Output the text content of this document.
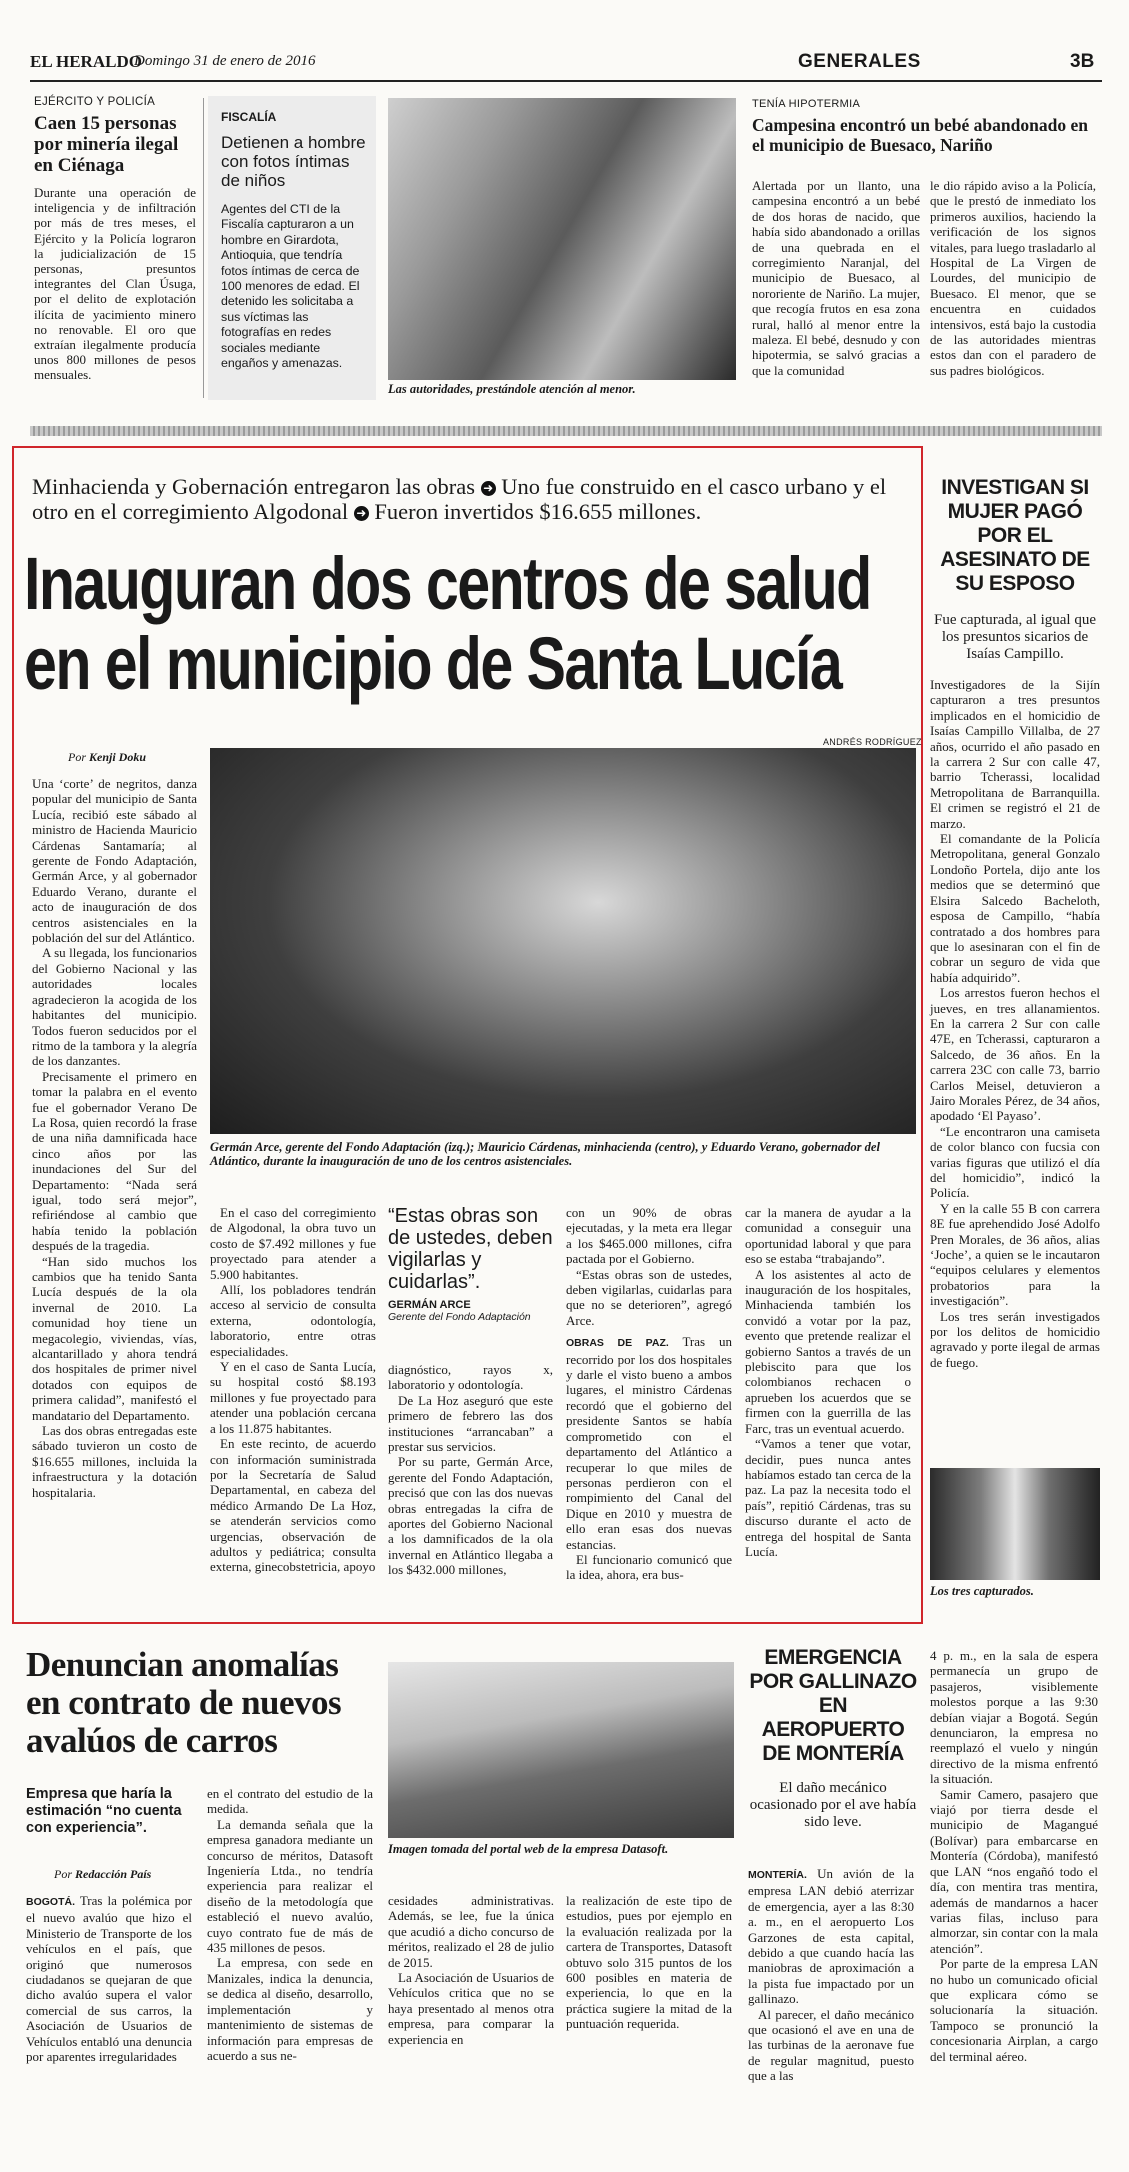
EL HERALDO
Domingo 31 de enero de 2016	GENERALES	3B
EJÉRCITO Y POLICÍA
Caen 15 personas por minería ilegal en Ciénaga

Durante una operación de inteligencia y de infiltración por más de tres meses, el Ejército y la Policía lograron la judicialización de 15 personas, presuntos integrantes del Clan Úsuga, por el delito de explotación ilícita de yacimiento minero no renovable. El oro que extraían ilegalmente producía unos 800 millones de pesos mensuales.

FISCALÍA
Detienen a hombre con fotos íntimas de niños

Agentes del CTI de la Fiscalía capturaron a un hombre en Girardota, Antioquia, que tendría fotos íntimas de cerca de 100 menores de edad. El detenido les solicitaba a sus víctimas las fotografías en redes sociales mediante engaños y amenazas.

Las autoridades, prestándole atención al menor.
TENÍA HIPOTERMIA
Campesina encontró un bebé abandonado en el municipio de Buesaco, Nariño

Alertada por un llanto, una campesina encontró a un bebé de dos horas de nacido, que había sido abandonado a orillas de una quebrada en el corregimiento Naranjal, del municipio de Buesaco, al nororiente de Nariño. La mujer, que recogía frutos en esa zona rural, halló al menor entre la maleza. El bebé, desnudo y con hipotermia, se salvó gracias a que la comunidad

le dio rápido aviso a la Policía, que le prestó de inmediato los primeros auxilios, haciendo la verificación de los signos vitales, para luego trasladarlo al Hospital de La Virgen de Lourdes, del municipio de Buesaco. El menor, que se encuentra en cuidados intensivos, está bajo la custodia de las autoridades mientras estos dan con el paradero de sus padres biológicos.

Minhacienda y Gobernación entregaron las obras ➜ Uno fue construido en el casco urbano y el otro en el corregimiento Algodonal ➜ Fueron invertidos $16.655 millones.
Inauguran dos centros de salud
en el municipio de Santa Lucía
ANDRÉS RODRÍGUEZ
Por Kenji Doku
Germán Arce, gerente del Fondo Adaptación (izq.); Mauricio Cárdenas, minhacienda (centro), y Eduardo Verano, gobernador del Atlántico, durante la inauguración de uno de los centros asistenciales.

Una ‘corte’ de negritos, danza popular del municipio de Santa Lucía, recibió este sábado al ministro de Hacienda Mauricio Cárdenas Santamaría; al gerente de Fondo Adaptación, Germán Arce, y al gobernador Eduardo Verano, durante el acto de inauguración de dos centros asistenciales en la población del sur del Atlántico.

A su llegada, los funcionarios del Gobierno Nacional y las autoridades locales agradecieron la acogida de los habitantes del municipio. Todos fueron seducidos por el ritmo de la tambora y la alegría de los danzantes.

Precisamente el primero en tomar la palabra en el evento fue el gobernador Verano De La Rosa, quien recordó la frase de una niña damnificada hace cinco años por las inundaciones del Sur del Departamento: “Nada será igual, todo será mejor”, refiriéndose al cambio que había tenido la población después de la tragedia.

“Han sido muchos los cambios que ha tenido Santa Lucía después de la ola invernal de 2010. La comunidad hoy tiene un megacolegio, viviendas, vías, alcantarillado y ahora tendrá dos hospitales de primer nivel dotados con equipos de primera calidad”, manifestó el mandatario del Departamento.

Las dos obras entregadas este sábado tuvieron un costo de $16.655 millones, incluida la infraestructura y la dotación hospitalaria.

En el caso del corregimiento de Algodonal, la obra tuvo un costo de $7.492 millones y fue proyectado para atender a 5.900 habitantes.

Allí, los pobladores tendrán acceso al servicio de consulta externa, odontología, laboratorio, entre otras especialidades.

Y en el caso de Santa Lucía, su hospital costó $8.193 millones y fue proyectado para atender una población cercana a los 11.875 habitantes.

En este recinto, de acuerdo con información suministrada por la Secretaría de Salud Departamental, en cabeza del médico Armando De La Hoz, se atenderán servicios como urgencias, observación de adultos y pediátrica; consulta externa, ginecobstetricia, apoyo

“Estas obras son de ustedes, deben vigilarlas y cuidarlas”.
GERMÁN ARCE
Gerente del Fondo Adaptación

diagnóstico, rayos x, laboratorio y odontología.

De La Hoz aseguró que este primero de febrero las dos instituciones “arrancaban” a prestar sus servicios.

Por su parte, Germán Arce, gerente del Fondo Adaptación, precisó que con las dos nuevas obras entregadas la cifra de aportes del Gobierno Nacional a los damnificados de la ola invernal en Atlántico llegaba a los $432.000 millones,

con un 90% de obras ejecutadas, y la meta era llegar a los $465.000 millones, cifra pactada por el Gobierno.

“Estas obras son de ustedes, deben vigilarlas, cuidarlas para que no se deterioren”, agregó Arce.

OBRAS DE PAZ. Tras un recorrido por los dos hospitales y darle el visto bueno a ambos lugares, el ministro Cárdenas recordó que el gobierno del presidente Santos se había comprometido con el departamento del Atlántico a recuperar lo que miles de personas perdieron con el rompimiento del Canal del Dique en 2010 y muestra de ello eran esas dos nuevas estancias.

El funcionario comunicó que la idea, ahora, era bus-

car la manera de ayudar a la comunidad a conseguir una oportunidad laboral y que para eso se estaba “trabajando”.

A los asistentes al acto de inauguración de los hospitales, Minhacienda también los convidó a votar por la paz, evento que pretende realizar el gobierno Santos a través de un plebiscito para que los colombianos rechacen o aprueben los acuerdos que se firmen con la guerrilla de las Farc, tras un eventual acuerdo.

“Vamos a tener que votar, decidir, pues nunca antes habíamos estado tan cerca de la paz. La paz la necesita todo el país”, repitió Cárdenas, tras su discurso durante el acto de entrega del hospital de Santa Lucía.

INVESTIGAN SI MUJER PAGÓ POR EL ASESINATO DE SU ESPOSO
Fue capturada, al igual que los presuntos sicarios de Isaías Campillo.

Investigadores de la Sijín capturaron a tres presuntos implicados en el homicidio de Isaías Campillo Villalba, de 27 años, ocurrido el año pasado en la carrera 2 Sur con calle 47, barrio Tcherassi, localidad Metropolitana de Barranquilla. El crimen se registró el 21 de marzo.

El comandante de la Policía Metropolitana, general Gonzalo Londoño Portela, dijo ante los medios que se determinó que Elsira Salcedo Bacheloth, esposa de Campillo, “había contratado a dos hombres para que lo asesinaran con el fin de cobrar un seguro de vida que había adquirido”.

Los arrestos fueron hechos el jueves, en tres allanamientos. En la carrera 2 Sur con calle 47E, en Tcherassi, capturaron a Salcedo, de 36 años. En la carrera 23C con calle 73, barrio Carlos Meisel, detuvieron a Jairo Morales Pérez, de 34 años, apodado ‘El Payaso’.

“Le encontraron una camiseta de color blanco con fucsia con varias figuras que utilizó el día del homicidio”, indicó la Policía.

Y en la calle 55 B con carrera 8E fue aprehendido José Adolfo Pren Morales, de 36 años, alias ‘Joche’, a quien se le incautaron “equipos celulares y elementos probatorios para la investigación”.

Los tres serán investigados por los delitos de homicidio agravado y porte ilegal de armas de fuego.

Los tres capturados.
Denuncian anomalías en contrato de nuevos avalúos de carros
Empresa que haría la estimación “no cuenta con experiencia”.
Por Redacción País
Imagen tomada del portal web de la empresa Datasoft.

BOGOTÁ. Tras la polémica por el nuevo avalúo que hizo el Ministerio de Transporte de los vehículos en el país, que originó que numerosos ciudadanos se quejaran de que dicho avalúo supera el valor comercial de sus carros, la Asociación de Usuarios de Vehículos entabló una denuncia por aparentes irregularidades

en el contrato del estudio de la medida.

La demanda señala que la empresa ganadora mediante un concurso de méritos, Datasoft Ingeniería Ltda., no tendría experiencia para realizar el diseño de la metodología que estableció el nuevo avalúo, cuyo contrato fue de más de 435 millones de pesos.

La empresa, con sede en Manizales, indica la denuncia, se dedica al diseño, desarrollo, implementación y mantenimiento de sistemas de información para empresas de acuerdo a sus ne-

cesidades administrativas. Además, se lee, fue la única que acudió a dicho concurso de méritos, realizado el 28 de julio de 2015.

La Asociación de Usuarios de Vehículos critica que no se haya presentado al menos otra empresa, para comparar la experiencia en

la realización de este tipo de estudios, pues por ejemplo en la evaluación realizada por la cartera de Transportes, Datasoft obtuvo solo 315 puntos de los 600 posibles en materia de experiencia, lo que en la práctica sugiere la mitad de la puntuación requerida.

EMERGENCIA POR GALLINAZO EN AEROPUERTO DE MONTERÍA
El daño mecánico ocasionado por el ave había sido leve.

MONTERÍA. Un avión de la empresa LAN debió aterrizar de emergencia, ayer a las 8:30 a. m., en el aeropuerto Los Garzones de esta capital, debido a que cuando hacía las maniobras de aproximación a la pista fue impactado por un gallinazo.

Al parecer, el daño mecánico que ocasionó el ave en una de las turbinas de la aeronave fue de regular magnitud, puesto que a las

4 p. m., en la sala de espera permanecía un grupo de pasajeros, visiblemente molestos porque a las 9:30 debían viajar a Bogotá. Según denunciaron, la empresa no reemplazó el vuelo y ningún directivo de la misma enfrentó la situación.

Samir Camero, pasajero que viajó por tierra desde el municipio de Magangué (Bolívar) para embarcarse en Montería (Córdoba), manifestó que LAN “nos engañó todo el día, con mentira tras mentira, además de mandarnos a hacer varias filas, incluso para almorzar, sin contar con la mala atención”.

Por parte de la empresa LAN no hubo un comunicado oficial que explicara cómo se solucionaría la situación. Tampoco se pronunció la concesionaria Airplan, a cargo del terminal aéreo.
